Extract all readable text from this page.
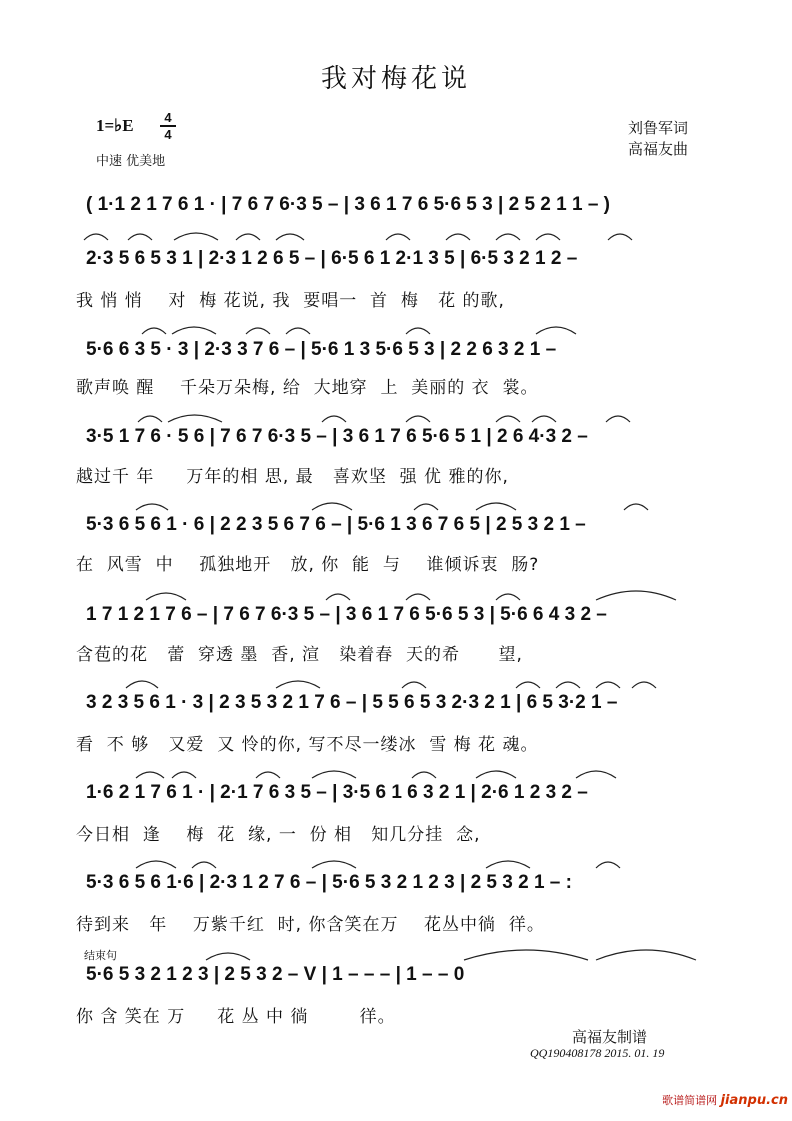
我对梅花说
1=♭E	4
4
中速 优美地
刘鲁军词
高福友曲
( 1·1 2 1 7 6 1 · | 7 6 7 6·3 5 – | 3 6 1 7 6 5·6 5 3 | 2 5 2 1 1 – )
2·3 5 6 5 3 1 | 2·3 1 2 6 5 – | 6·5 6 1 2·1 3 5 | 6·5 3 2 1 2 –
我 悄 悄    对  梅 花说, 我  要唱一  首  梅   花 的歌,
5·6 6 3 5 · 3 | 2·3 3 7 6 – | 5·6 1 3 5·6 5 3 | 2 2 6 3 2 1 –
歌声唤 醒    千朵万朵梅, 给  大地穿  上  美丽的 衣  裳。
3·5 1 7 6 · 5 6 | 7 6 7 6·3 5 – | 3 6 1 7 6 5·6 5 1 | 2 6 4·3 2 –
越过千 年     万年的相 思, 最   喜欢坚  强 优 雅的你,
5·3 6 5 6 1 · 6 | 2 2 3 5 6 7 6 – | 5·6 1 3 6 7 6 5 | 2 5 3 2 1 –
在  风雪  中    孤独地开   放, 你  能  与    谁倾诉衷  肠?
1 7 1 2 1 7 6 – | 7 6 7 6·3 5 – | 3 6 1 7 6 5·6 5 3 | 5·6 6 4 3 2 –
含苞的花   蕾  穿透 墨  香, 渲   染着春  天的希      望,
3 2 3 5 6 1 · 3 | 2 3 5 3 2 1 7 6 – | 5 5 6 5 3 2·3 2 1 | 6 5 3·2 1 –
看  不 够   又爱  又 怜的你, 写不尽一缕冰  雪 梅 花 魂。
1·6 2 1 7 6 1 · | 2·1 7 6 3 5 – | 3·5 6 1 6 3 2 1 | 2·6 1 2 3 2 –
今日相  逢    梅  花  缘, 一  份 相   知几分挂  念,
5·3 6 5 6 1·6 | 2·3 1 2 7 6 – | 5·6 5 3 2 1 2 3 | 2 5 3 2 1 – :
待到来   年    万紫千红  时, 你含笑在万    花丛中徜  徉。
结束句
5·6 5 3 2 1 2 3 | 2 5 3 2 – V | 1 – – – | 1 – – 0
你 含 笑在 万     花 丛 中 徜        徉。
高福友制谱
QQ190408178 2015. 01. 19
歌谱简谱网 jianpu.cn
